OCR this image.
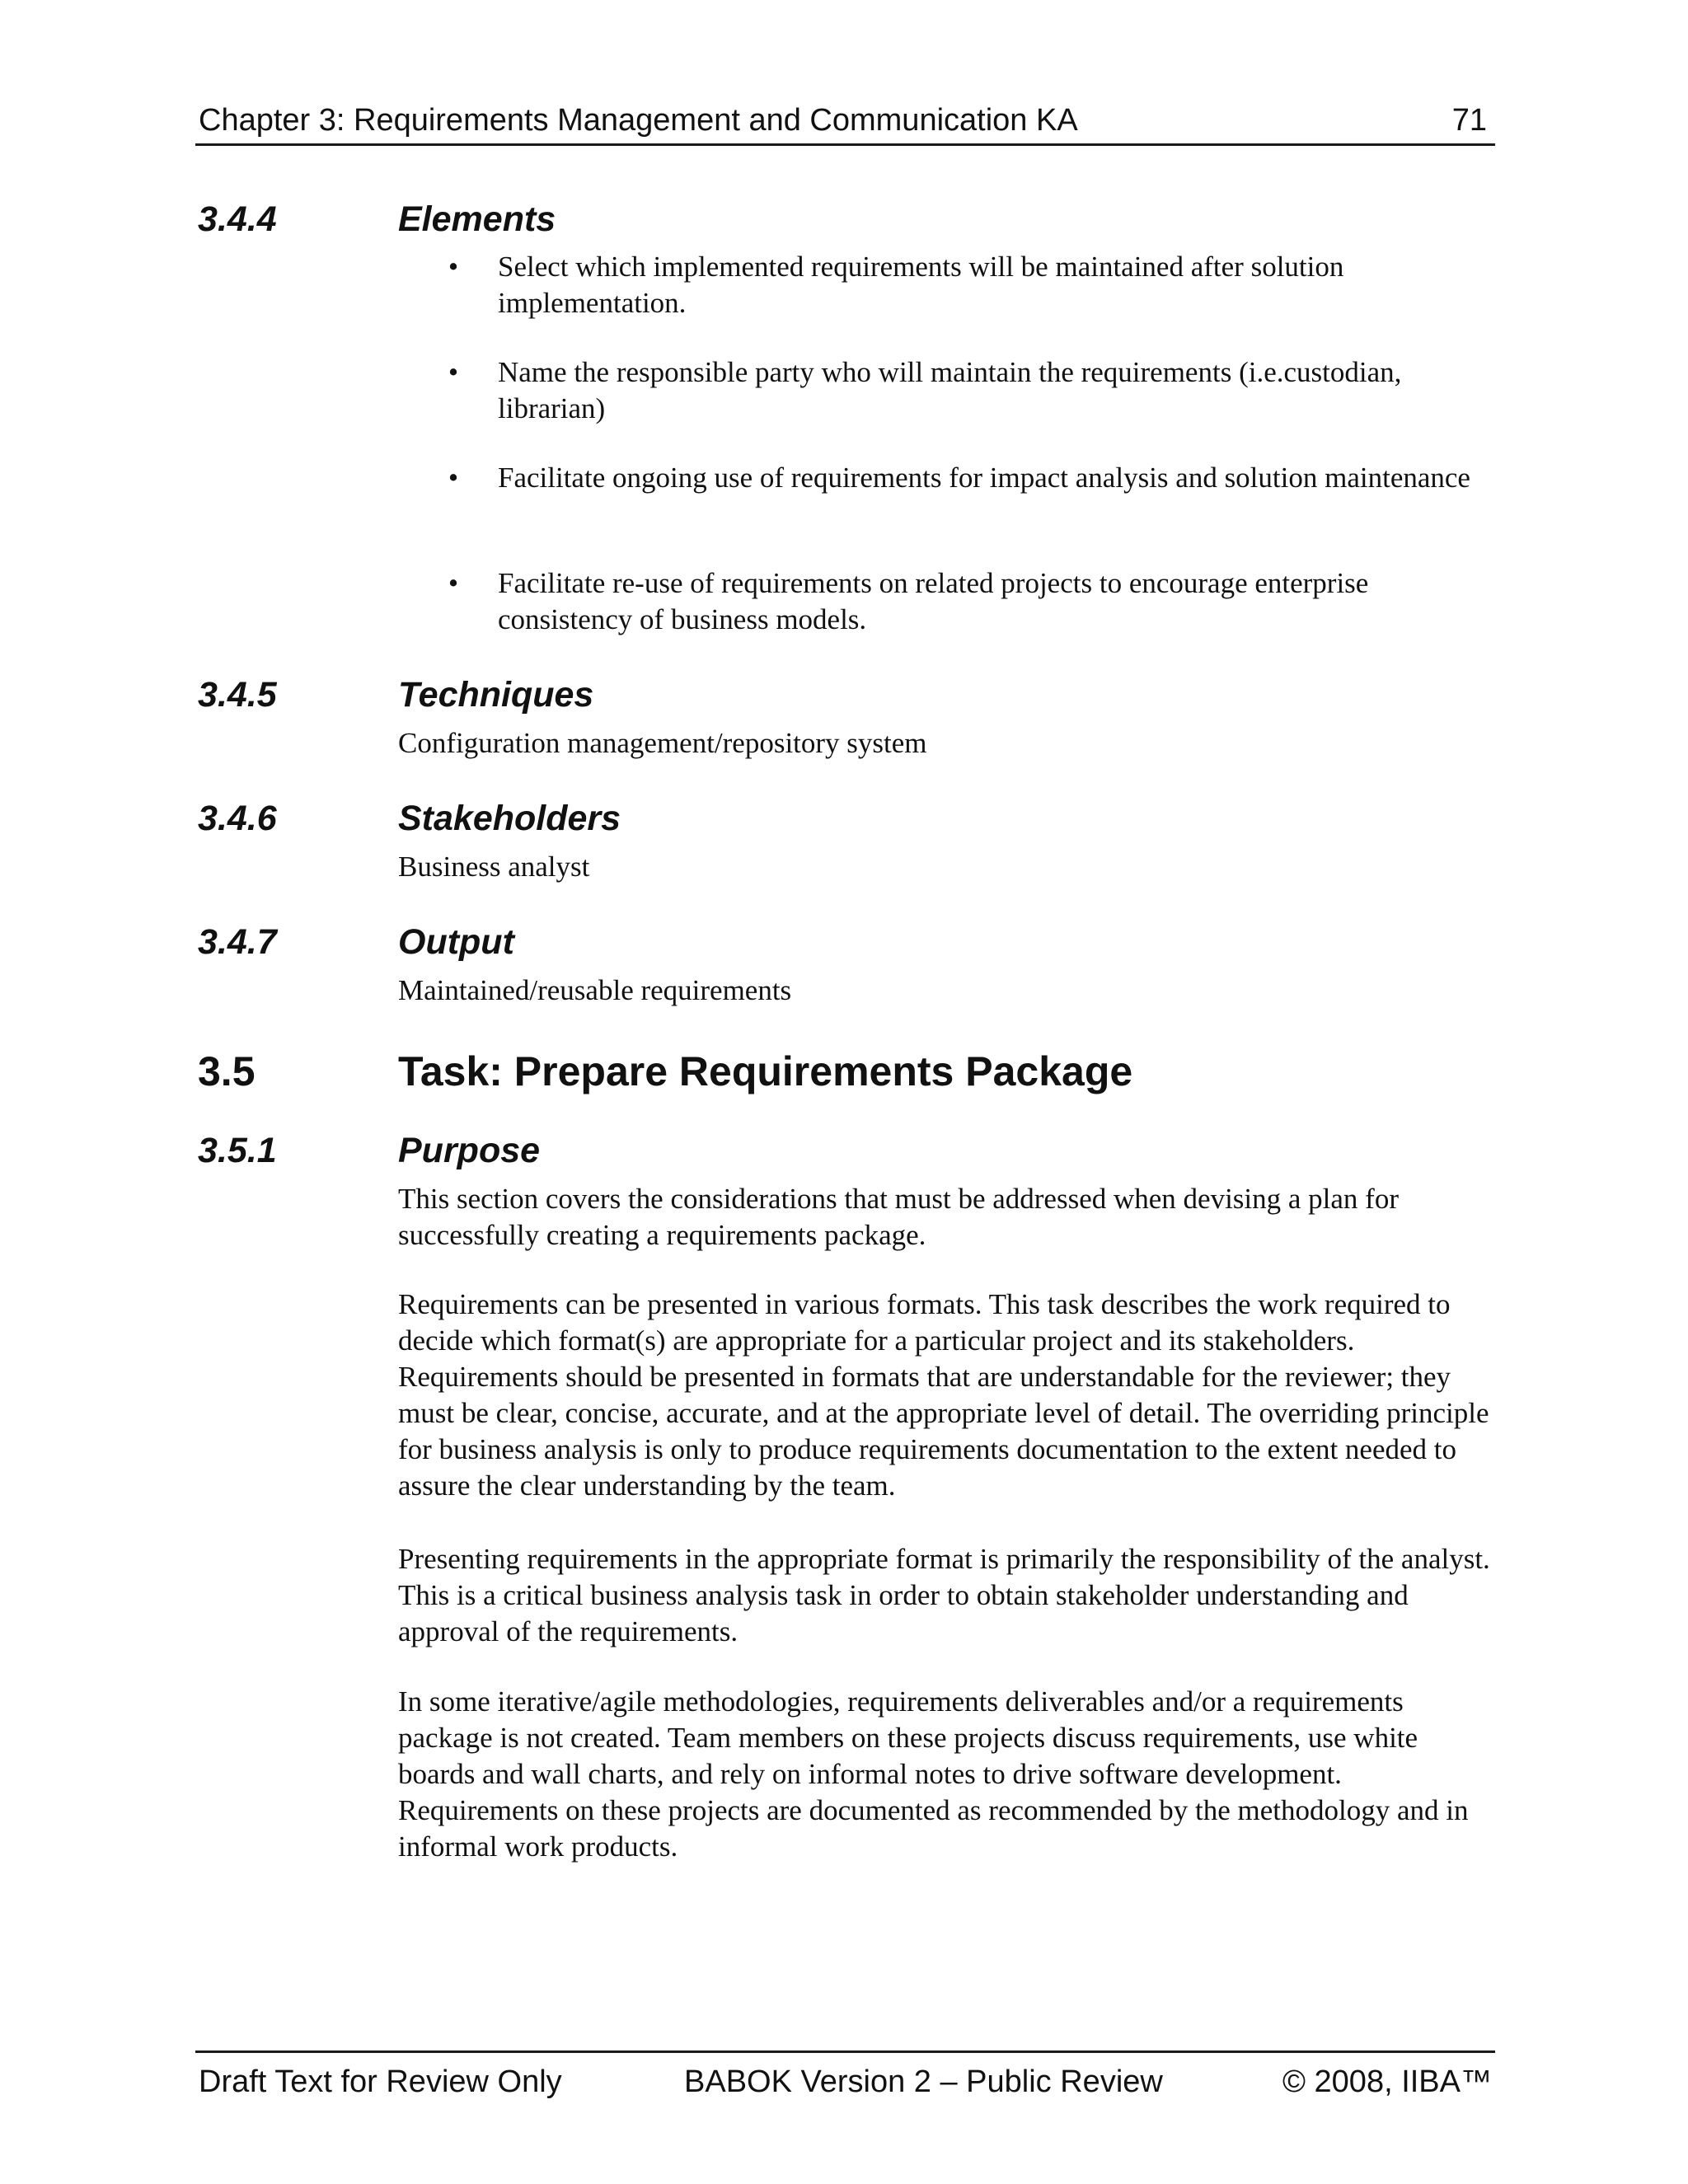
Chapter 3: Requirements Management and Communication KA	71
3.4.4	Elements
• Select which implemented requirements will be maintained after solution implementation.
• Name the responsible party who will maintain the requirements (i.e.custodian, librarian)
• Facilitate ongoing use of requirements for impact analysis and solution maintenance
• Facilitate re-use of requirements on related projects to encourage enterprise consistency of business models.
3.4.5	Techniques

Configuration management/repository system

3.4.6	Stakeholders

Business analyst

3.4.7	Output

Maintained/reusable requirements

3.5	Task: Prepare Requirements Package
3.5.1	Purpose

This section covers the considerations that must be addressed when devising a plan for successfully creating a requirements package.

Requirements can be presented in various formats. This task describes the work required to decide which format(s) are appropriate for a particular project and its stakeholders. Requirements should be presented in formats that are understandable for the reviewer; they must be clear, concise, accurate, and at the appropriate level of detail. The overriding principle for business analysis is only to produce requirements documentation to the extent needed to assure the clear understanding by the team.

Presenting requirements in the appropriate format is primarily the responsibility of the analyst. This is a critical business analysis task in order to obtain stakeholder understanding and approval of the requirements.

In some iterative/agile methodologies, requirements deliverables and/or a requirements package is not created. Team members on these projects discuss requirements, use white boards and wall charts, and rely on informal notes to drive software development. Requirements on these projects are documented as recommended by the methodology and in informal work products.

Draft Text for Review Only	BABOK Version 2 – Public Review	© 2008, IIBA™
